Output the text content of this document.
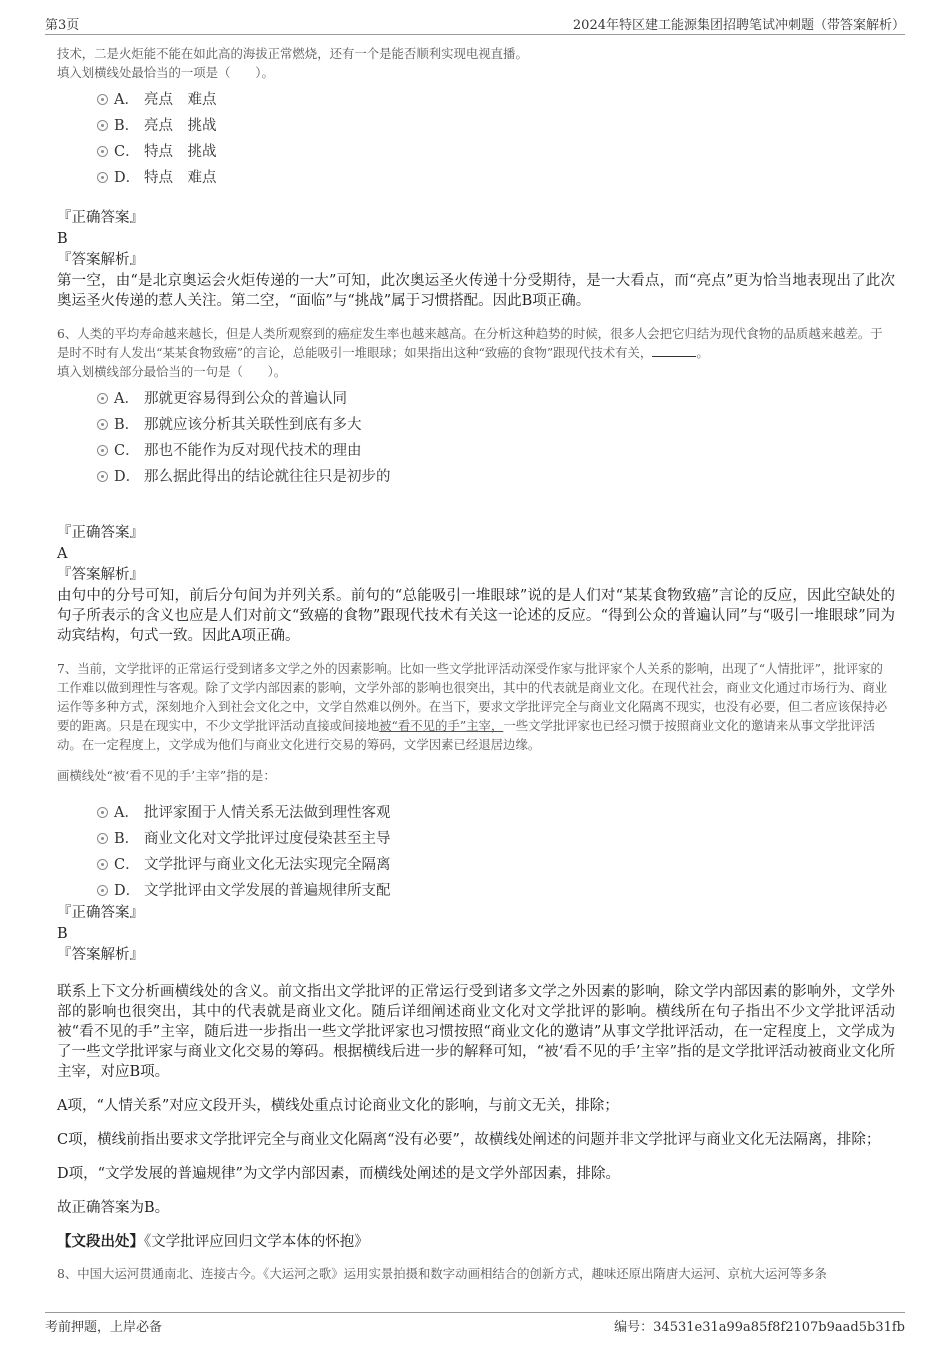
第3页	2024年特区建工能源集团招聘笔试冲刺题（带答案解析）

技术，二是火炬能不能在如此高的海拔正常燃烧，还有一个是能否顺利实现电视直播。

填入划横线处最恰当的一项是（　　）。

A． 亮点　难点
B． 亮点　挑战
C． 特点　挑战
D． 特点　难点

『正确答案』

B

『答案解析』

第一空，由“是北京奥运会火炬传递的一大”可知，此次奥运圣火传递十分受期待，是一大看点，而“亮点”更为恰当地表现出了此次奥运圣火传递的惹人关注。第二空，“面临”与“挑战”属于习惯搭配。因此B项正确。

6、人类的平均寿命越来越长，但是人类所观察到的癌症发生率也越来越高。在分析这种趋势的时候，很多人会把它归结为现代食物的品质越来越差。于是时不时有人发出“某某食物致癌”的言论，总能吸引一堆眼球；如果指出这种“致癌的食物”跟现代技术有关，	。

填入划横线部分最恰当的一句是（　　）。

A． 那就更容易得到公众的普遍认同
B． 那就应该分析其关联性到底有多大
C． 那也不能作为反对现代技术的理由
D． 那么据此得出的结论就往往只是初步的

『正确答案』

A

『答案解析』

由句中的分号可知，前后分句间为并列关系。前句的“总能吸引一堆眼球”说的是人们对“某某食物致癌”言论的反应，因此空缺处的句子所表示的含义也应是人们对前文“致癌的食物”跟现代技术有关这一论述的反应。“得到公众的普遍认同”与“吸引一堆眼球”同为动宾结构，句式一致。因此A项正确。

7、当前，文学批评的正常运行受到诸多文学之外的因素影响。比如一些文学批评活动深受作家与批评家个人关系的影响，出现了“人情批评”，批评家的工作难以做到理性与客观。除了文学内部因素的影响，文学外部的影响也很突出，其中的代表就是商业文化。在现代社会，商业文化通过市场行为、商业运作等多种方式，深刻地介入到社会文化之中，文学自然难以例外。在当下，要求文学批评完全与商业文化隔离不现实，也没有必要，但二者应该保持必要的距离。只是在现实中，不少文学批评活动直接或间接地被“看不见的手”主宰，一些文学批评家也已经习惯于按照商业文化的邀请来从事文学批评活动。在一定程度上，文学成为他们与商业文化进行交易的筹码，文学因素已经退居边缘。

画横线处“被‘看不见的手’主宰”指的是：

A． 批评家囿于人情关系无法做到理性客观
B． 商业文化对文学批评过度侵染甚至主导
C． 文学批评与商业文化无法实现完全隔离
D． 文学批评由文学发展的普遍规律所支配

『正确答案』

B

『答案解析』

联系上下文分析画横线处的含义。前文指出文学批评的正常运行受到诸多文学之外因素的影响，除文学内部因素的影响外，文学外部的影响也很突出，其中的代表就是商业文化。随后详细阐述商业文化对文学批评的影响。横线所在句子指出不少文学批评活动被“看不见的手”主宰，随后进一步指出一些文学批评家也习惯按照“商业文化的邀请”从事文学批评活动，在一定程度上，文学成为了一些文学批评家与商业文化交易的筹码。根据横线后进一步的解释可知，“被‘看不见的手’主宰”指的是文学批评活动被商业文化所主宰，对应B项。

A项，“人情关系”对应文段开头，横线处重点讨论商业文化的影响，与前文无关，排除；

C项，横线前指出要求文学批评完全与商业文化隔离“没有必要”，故横线处阐述的问题并非文学批评与商业文化无法隔离，排除；

D项，“文学发展的普遍规律”为文学内部因素，而横线处阐述的是文学外部因素，排除。

故正确答案为B。

【文段出处】《文学批评应回归文学本体的怀抱》

8、中国大运河贯通南北、连接古今。《大运河之歌》运用实景拍摄和数字动画相结合的创新方式，趣味还原出隋唐大运河、京杭大运河等多条

考前押题，上岸必备	编号：34531e31a99a85f8f2107b9aad5b31fb
